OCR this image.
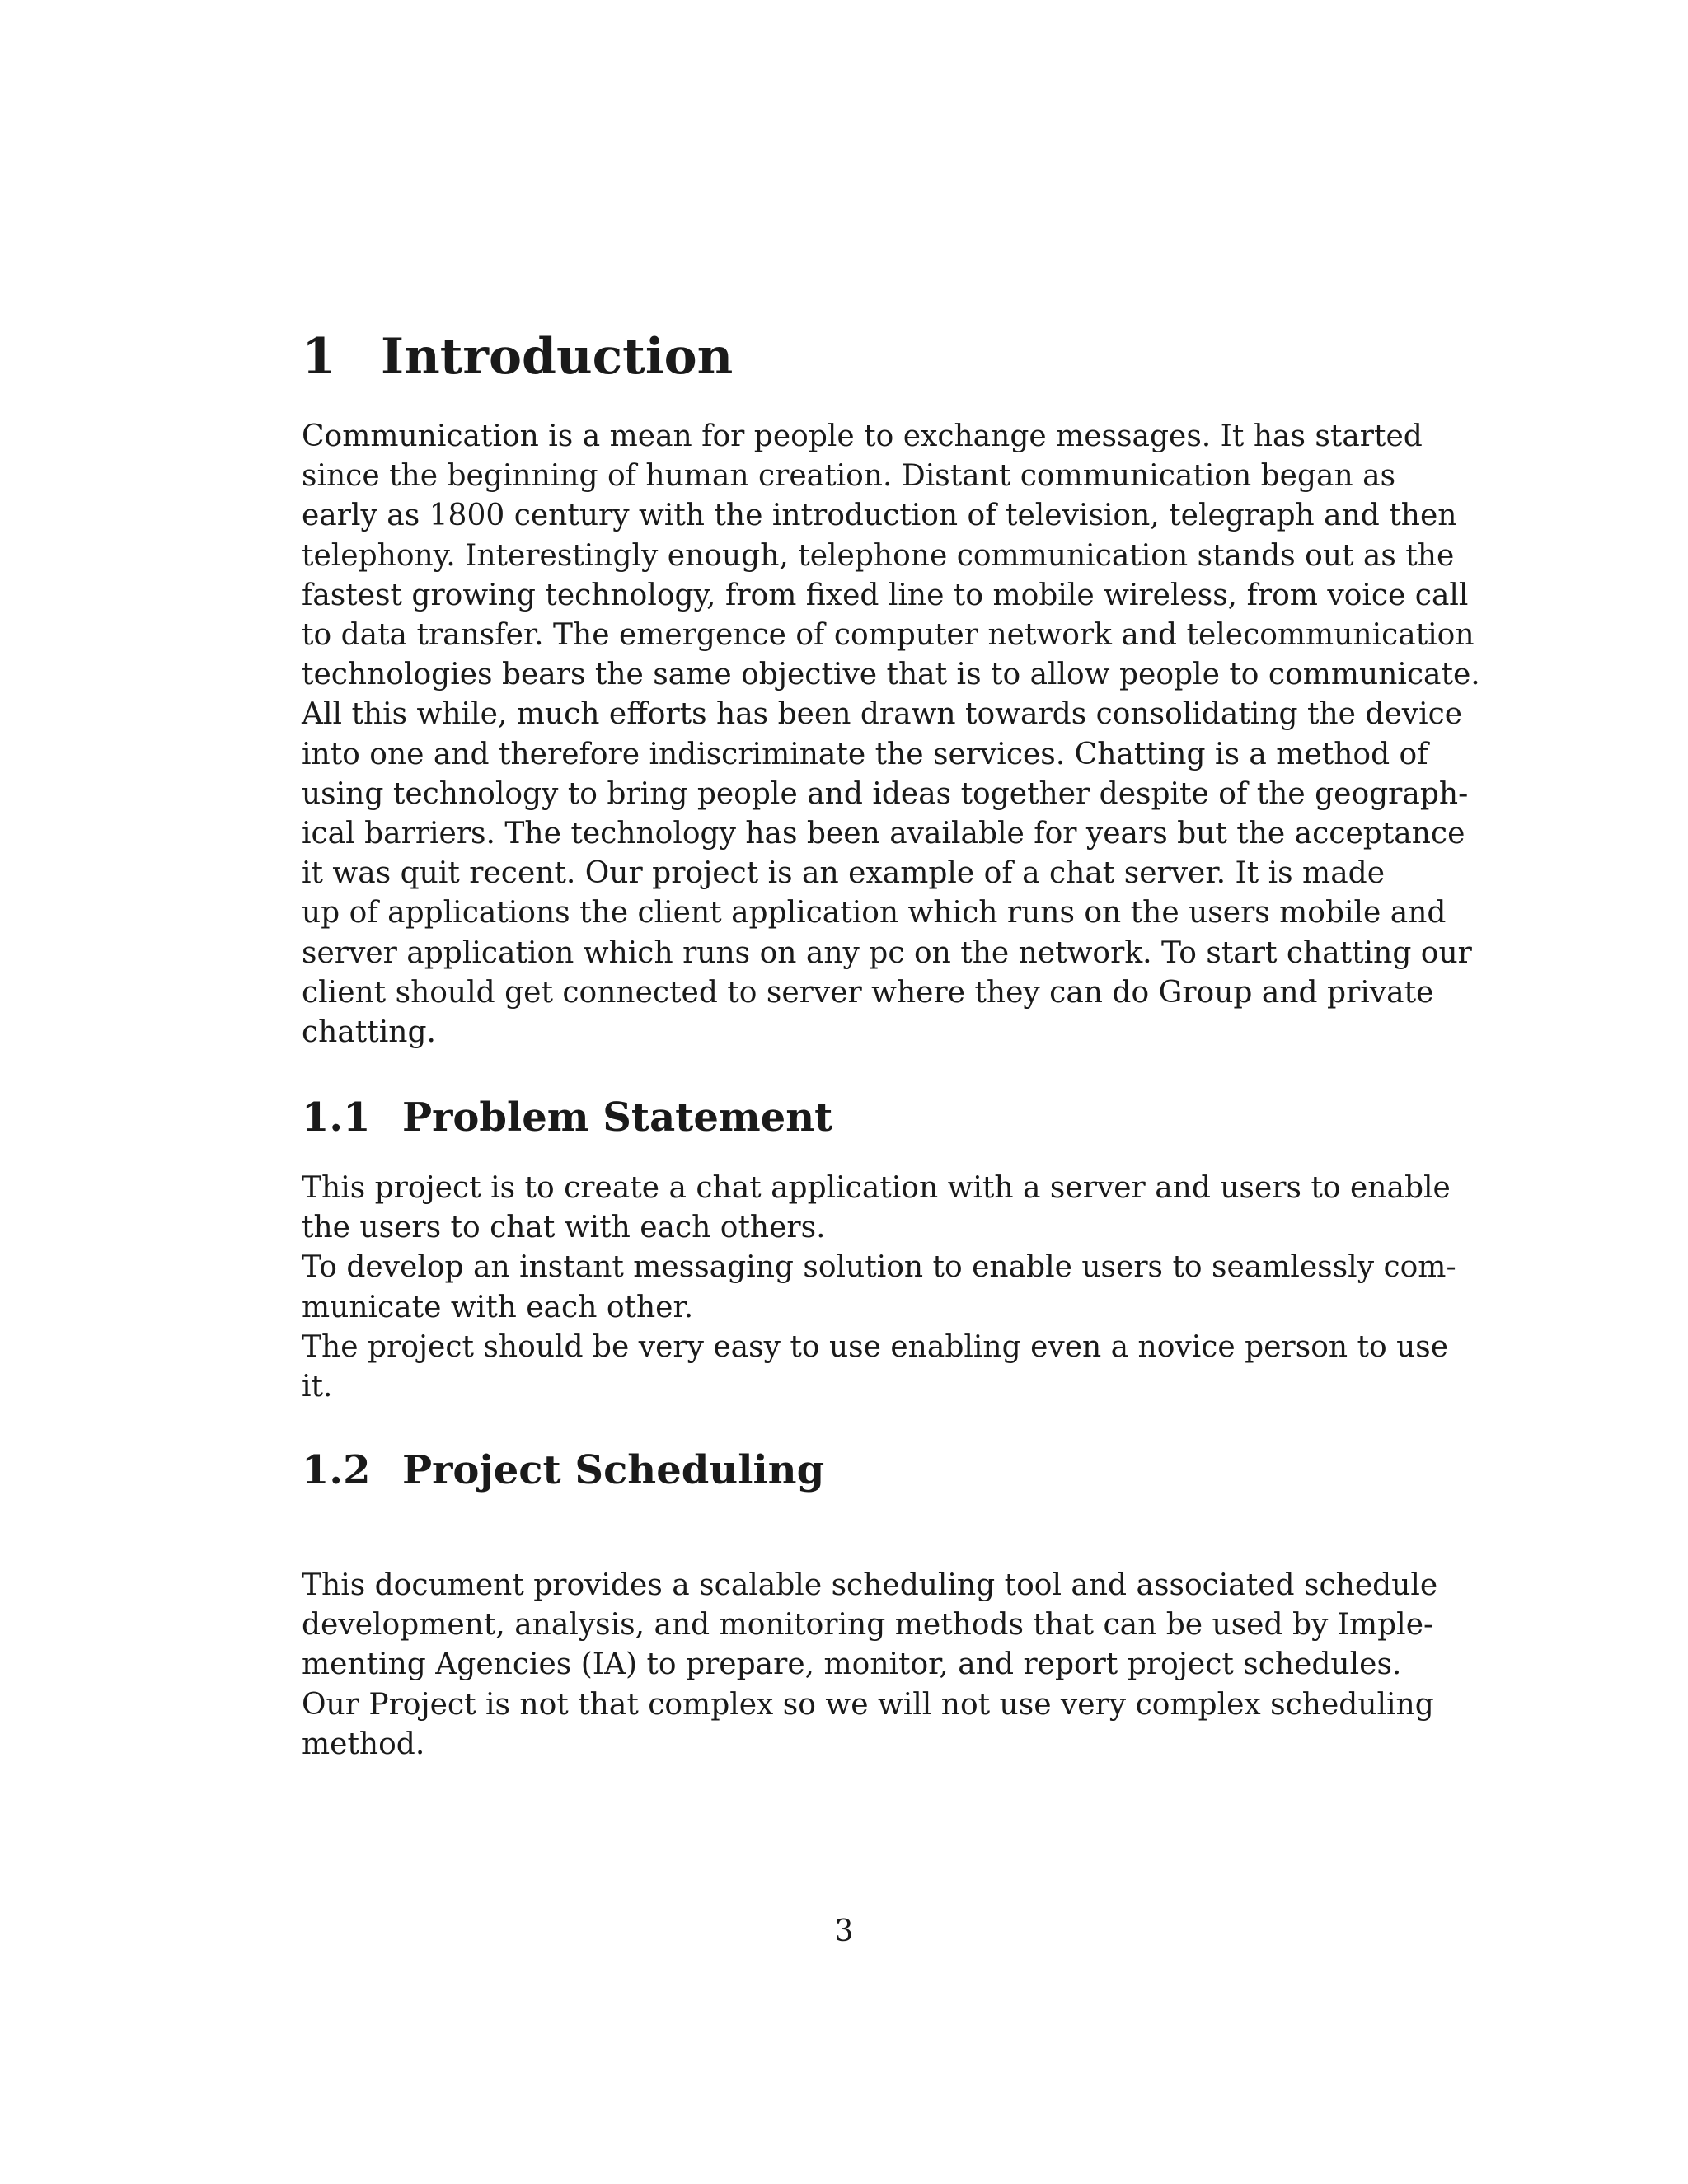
1 Introduction

Communication is a mean for people to exchange messages. It has started
since the beginning of human creation. Distant communication began as
early as 1800 century with the introduction of television, telegraph and then
telephony. Interestingly enough, telephone communication stands out as the
fastest growing technology, from fixed line to mobile wireless, from voice call
to data transfer. The emergence of computer network and telecommunication
technologies bears the same objective that is to allow people to communicate.
All this while, much efforts has been drawn towards consolidating the device
into one and therefore indiscriminate the services. Chatting is a method of
using technology to bring people and ideas together despite of the geograph-
ical barriers. The technology has been available for years but the acceptance
it was quit recent. Our project is an example of a chat server. It is made
up of applications the client application which runs on the users mobile and
server application which runs on any pc on the network. To start chatting our
client should get connected to server where they can do Group and private
chatting.

1.1 Problem Statement

This project is to create a chat application with a server and users to enable
the users to chat with each others.
To develop an instant messaging solution to enable users to seamlessly com-
municate with each other.
The project should be very easy to use enabling even a novice person to use
it.

1.2 Project Scheduling

This document provides a scalable scheduling tool and associated schedule
development, analysis, and monitoring methods that can be used by Imple-
menting Agencies (IA) to prepare, monitor, and report project schedules.
Our Project is not that complex so we will not use very complex scheduling
method.

3
